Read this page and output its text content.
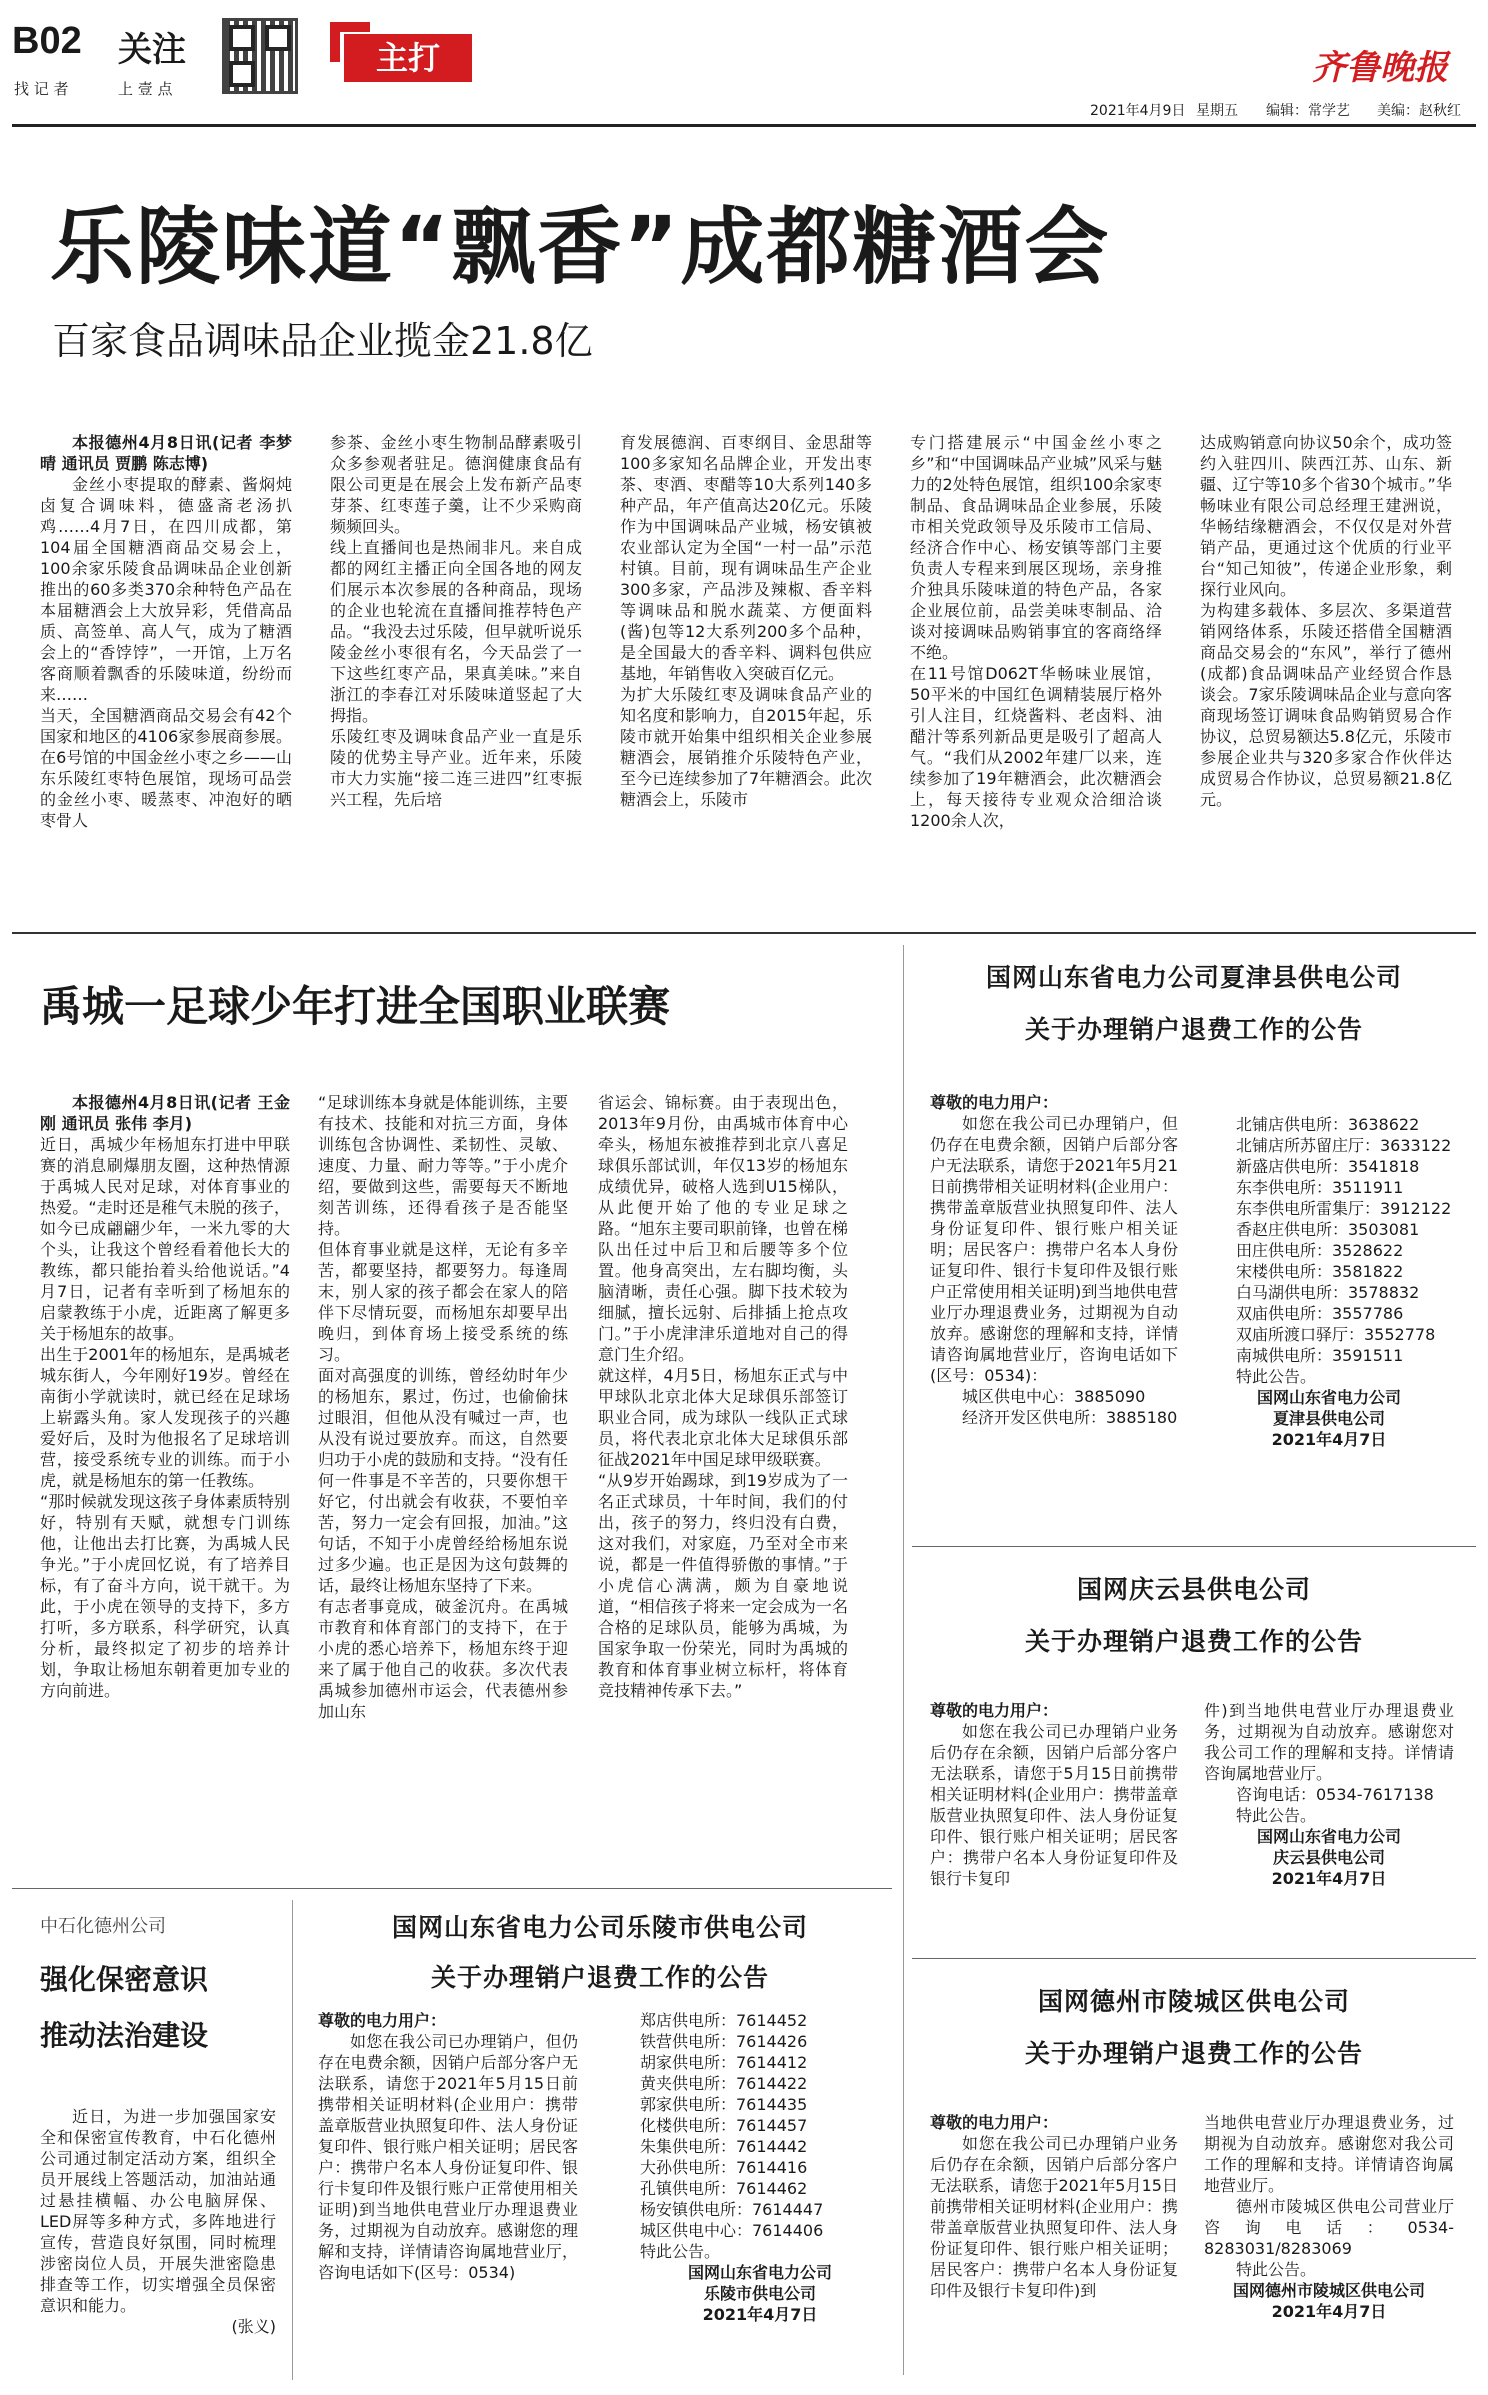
B02 关注
找 记 者	上 壹 点
主打	齐鲁晚报
2021年4月9日 星期五 编辑：常学艺 美编：赵秋红
乐陵味道“飘香”成都糖酒会
百家食品调味品企业揽金21.8亿

本报德州4月8日讯(记者 李梦晴 通讯员 贾鹏 陈志博)

金丝小枣提取的酵素、酱焖炖卤复合调味料，德盛斋老汤扒鸡……4月7日，在四川成都，第104届全国糖酒商品交易会上，100余家乐陵食品调味品企业创新推出的60多类370余种特色产品在本届糖酒会上大放异彩，凭借高品质、高签单、高人气，成为了糖酒会上的“香饽饽”，一开馆，上万名客商顺着飘香的乐陵味道，纷纷而来……
当天，全国糖酒商品交易会有42个国家和地区的4106家参展商参展。在6号馆的中国金丝小枣之乡——山东乐陵红枣特色展馆，现场可品尝的金丝小枣、暖蒸枣、冲泡好的晒枣骨人
参茶、金丝小枣生物制品酵素吸引众多参观者驻足。德润健康食品有限公司更是在展会上发布新产品枣芽茶、红枣莲子羹，让不少采购商频频回头。
线上直播间也是热闹非凡。来自成都的网红主播正向全国各地的网友们展示本次参展的各种商品，现场的企业也轮流在直播间推荐特色产品。“我没去过乐陵，但早就听说乐陵金丝小枣很有名，今天品尝了一下这些红枣产品，果真美味。”来自浙江的李春江对乐陵味道竖起了大拇指。
乐陵红枣及调味食品产业一直是乐陵的优势主导产业。近年来，乐陵市大力实施“接二连三进四”红枣振兴工程，先后培
育发展德润、百枣纲目、金思甜等100多家知名品牌企业，开发出枣茶、枣酒、枣醋等10大系列140多种产品，年产值高达20亿元。乐陵作为中国调味品产业城，杨安镇被农业部认定为全国“一村一品”示范村镇。目前，现有调味品生产企业300多家，产品涉及辣椒、香辛料等调味品和脱水蔬菜、方便面料(酱)包等12大系列200多个品种，是全国最大的香辛料、调料包供应基地，年销售收入突破百亿元。
为扩大乐陵红枣及调味食品产业的知名度和影响力，自2015年起，乐陵市就开始集中组织相关企业参展糖酒会，展销推介乐陵特色产业，至今已连续参加了7年糖酒会。此次糖酒会上，乐陵市
专门搭建展示“中国金丝小枣之乡”和“中国调味品产业城”风采与魅力的2处特色展馆，组织100余家枣制品、食品调味品企业参展，乐陵市相关党政领导及乐陵市工信局、经济合作中心、杨安镇等部门主要负责人专程来到展区现场，亲身推介独具乐陵味道的特色产品，各家企业展位前，品尝美味枣制品、洽谈对接调味品购销事宜的客商络绎不绝。
在11号馆D062T华畅味业展馆，50平米的中国红色调精装展厅格外引人注目，红烧酱料、老卤料、油醋汁等系列新品更是吸引了超高人气。“我们从2002年建厂以来，连续参加了19年糖酒会，此次糖酒会上，每天接待专业观众洽细洽谈1200余人次，
达成购销意向协议50余个，成功签约入驻四川、陕西江苏、山东、新疆、辽宁等10多个省30个城市。”华畅味业有限公司总经理王建洲说，华畅结缘糖酒会，不仅仅是对外营销产品，更通过这个优质的行业平台“知己知彼”，传递企业形象，剩探行业风向。
为构建多载体、多层次、多渠道营销网络体系，乐陵还搭借全国糖酒商品交易会的“东风”，举行了德州(成都)食品调味品产业经贸合作恳谈会。7家乐陵调味品企业与意向客商现场签订调味食品购销贸易合作协议，总贸易额达5.8亿元，乐陵市参展企业共与320多家合作伙伴达成贸易合作协议，总贸易额21.8亿元。
禹城一足球少年打进全国职业联赛

本报德州4月8日讯(记者 王金刚 通讯员 张伟 李月)

近日，禹城少年杨旭东打进中甲联赛的消息刷爆朋友圈，这种热情源于禹城人民对足球，对体育事业的热爱。“走时还是稚气未脱的孩子，如今已成翩翩少年，一米九零的大个头，让我这个曾经看着他长大的教练，都只能抬着头给他说话。”4月7日，记者有幸听到了杨旭东的启蒙教练于小虎，近距离了解更多关于杨旭东的故事。
出生于2001年的杨旭东，是禹城老城东街人，今年刚好19岁。曾经在南街小学就读时，就已经在足球场上崭露头角。家人发现孩子的兴趣爱好后，及时为他报名了足球培训营，接受系统专业的训练。而于小虎，就是杨旭东的第一任教练。
“那时候就发现这孩子身体素质特别好，特别有天赋，就想专门训练他，让他出去打比赛，为禹城人民争光。”于小虎回忆说，有了培养目标，有了奋斗方向，说干就干。为此，于小虎在领导的支持下，多方打听，多方联系，科学研究，认真分析，最终拟定了初步的培养计划，争取让杨旭东朝着更加专业的方向前进。
“足球训练本身就是体能训练，主要有技术、技能和对抗三方面，身体训练包含协调性、柔韧性、灵敏、速度、力量、耐力等等。”于小虎介绍，要做到这些，需要每天不断地刻苦训练，还得看孩子是否能坚持。
但体育事业就是这样，无论有多辛苦，都要坚持，都要努力。每逢周末，别人家的孩子都会在家人的陪伴下尽情玩耍，而杨旭东却要早出晚归，到体育场上接受系统的练习。
面对高强度的训练，曾经幼时年少的杨旭东，累过，伤过，也偷偷抹过眼泪，但他从没有喊过一声，也从没有说过要放弃。而这，自然要归功于小虎的鼓励和支持。“没有任何一件事是不辛苦的，只要你想干好它，付出就会有收获，不要怕辛苦，努力一定会有回报，加油。”这句话，不知于小虎曾经给杨旭东说过多少遍。也正是因为这句鼓舞的话，最终让杨旭东坚持了下来。
有志者事竟成，破釜沉舟。在禹城市教育和体育部门的支持下，在于小虎的悉心培养下，杨旭东终于迎来了属于他自己的收获。多次代表禹城参加德州市运会，代表德州参加山东
省运会、锦标赛。由于表现出色，2013年9月份，由禹城市体育中心牵头，杨旭东被推荐到北京八喜足球俱乐部试训，年仅13岁的杨旭东成绩优异，破格人选到U15梯队，从此便开始了他的专业足球之路。“旭东主要司职前锋，也曾在梯队出任过中后卫和后腰等多个位置。他身高突出，左右脚均衡，头脑清晰，责任心强。脚下技术较为细腻，擅长远射、后排插上抢点攻门。”于小虎津津乐道地对自己的得意门生介绍。
就这样，4月5日，杨旭东正式与中甲球队北京北体大足球俱乐部签订职业合同，成为球队一线队正式球员，将代表北京北体大足球俱乐部征战2021年中国足球甲级联赛。
“从9岁开始踢球，到19岁成为了一名正式球员，十年时间，我们的付出，孩子的努力，终归没有白费，这对我们，对家庭，乃至对全市来说，都是一件值得骄傲的事情。”于小虎信心满满，颇为自豪地说道，“相信孩子将来一定会成为一名合格的足球队员，能够为禹城，为国家争取一份荣光，同时为禹城的教育和体育事业树立标杆，将体育竞技精神传承下去。”
国网山东省电力公司夏津县供电公司
关于办理销户退费工作的公告

尊敬的电力用户：

如您在我公司已办理销户，但仍存在电费余额，因销户后部分客户无法联系，请您于2021年5月21日前携带相关证明材料(企业用户：携带盖章版营业执照复印件、法人身份证复印件、银行账户相关证明；居民客户：携带户名本人身份证复印件、银行卡复印件及银行账户正常使用相关证明)到当地供电营业厅办理退费业务，过期视为自动放弃。感谢您的理解和支持，详情请咨询属地营业厅，咨询电话如下(区号：0534)：

城区供电中心：3885090

经济开发区供电所：3885180

北铺店供电所：3638622

北铺店所苏留庄厅：3633122

新盛店供电所：3541818

东李供电所：3511911

东李供电所雷集厅：3912122

香赵庄供电所：3503081

田庄供电所：3528622

宋楼供电所：3581822

白马湖供电所：3578832

双庙供电所：3557786

双庙所渡口驿厅：3552778

南城供电所：3591511

特此公告。

国网山东省电力公司

夏津县供电公司

2021年4月7日

国网庆云县供电公司
关于办理销户退费工作的公告

尊敬的电力用户：

如您在我公司已办理销户业务后仍存在余额，因销户后部分客户无法联系，请您于5月15日前携带相关证明材料(企业用户：携带盖章版营业执照复印件、法人身份证复印件、银行账户相关证明；居民客户：携带户名本人身份证复印件及银行卡复印

件)到当地供电营业厅办理退费业务，过期视为自动放弃。感谢您对我公司工作的理解和支持。详情请咨询属地营业厅。

咨询电话：0534-7617138

特此公告。

国网山东省电力公司

庆云县供电公司

2021年4月7日

国网德州市陵城区供电公司
关于办理销户退费工作的公告

尊敬的电力用户：

如您在我公司已办理销户业务后仍存在余额，因销户后部分客户无法联系，请您于2021年5月15日前携带相关证明材料(企业用户：携带盖章版营业执照复印件、法人身份证复印件、银行账户相关证明；居民客户：携带户名本人身份证复印件及银行卡复印件)到

当地供电营业厅办理退费业务，过期视为自动放弃。感谢您对我公司工作的理解和支持。详情请咨询属地营业厅。

德州市陵城区供电公司营业厅咨询电话：0534-8283031/8283069

特此公告。

国网德州市陵城区供电公司

2021年4月7日

中石化德州公司
强化保密意识
推动法治建设

近日，为进一步加强国家安全和保密宣传教育，中石化德州公司通过制定活动方案，组织全员开展线上答题活动，加油站通过悬挂横幅、办公电脑屏保、LED屏等多种方式，多阵地进行宣传，营造良好氛围，同时梳理涉密岗位人员，开展失泄密隐患排查等工作，切实增强全员保密意识和能力。

(张义)

国网山东省电力公司乐陵市供电公司
关于办理销户退费工作的公告

尊敬的电力用户：

如您在我公司已办理销户，但仍存在电费余额，因销户后部分客户无法联系，请您于2021年5月15日前携带相关证明材料(企业用户：携带盖章版营业执照复印件、法人身份证复印件、银行账户相关证明；居民客户：携带户名本人身份证复印件、银行卡复印件及银行账户正常使用相关证明)到当地供电营业厅办理退费业务，过期视为自动放弃。感谢您的理解和支持，详情请咨询属地营业厅，咨询电话如下(区号：0534)

郑店供电所：7614452

铁营供电所：7614426

胡家供电所：7614412

黄夹供电所：7614422

郭家供电所：7614435

化楼供电所：7614457

朱集供电所：7614442

大孙供电所：7614416

孔镇供电所：7614462

杨安镇供电所：7614447

城区供电中心：7614406

特此公告。

国网山东省电力公司

乐陵市供电公司

2021年4月7日
